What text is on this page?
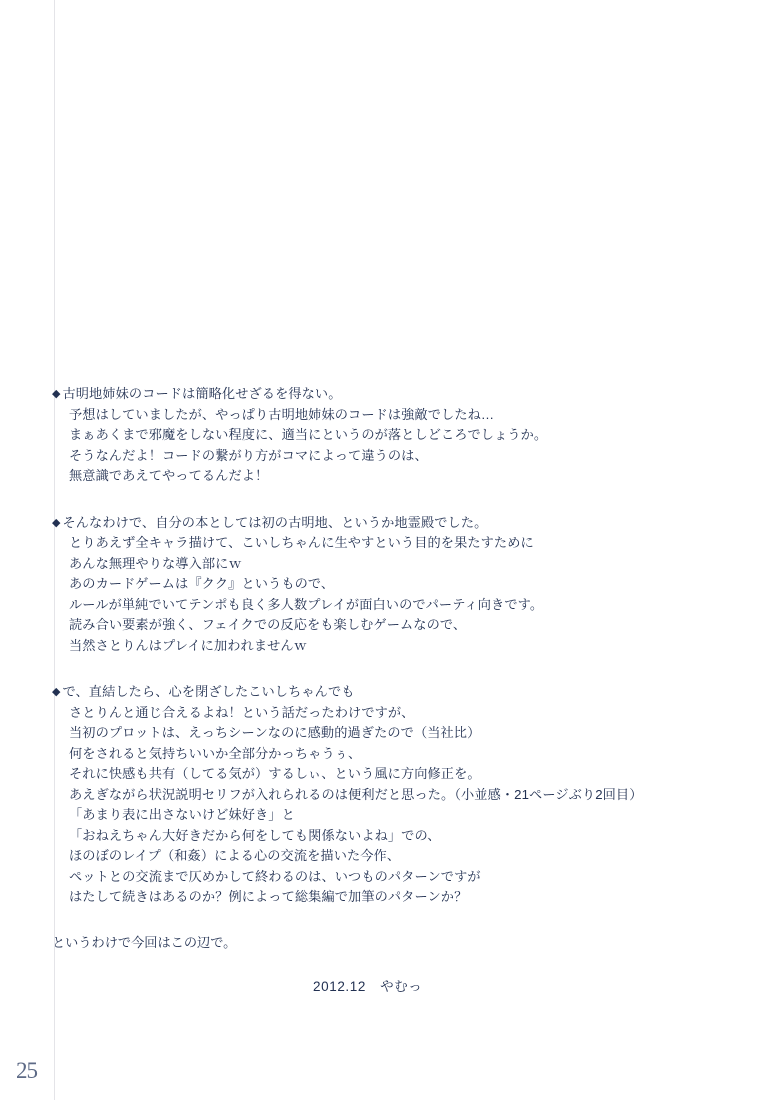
◆ 古明地姉妹のコードは簡略化せざるを得ない。
予想はしていましたが、やっぱり古明地姉妹のコードは強敵でしたね…
まぁあくまで邪魔をしない程度に、適当にというのが落としどころでしょうか。
そうなんだよ！コードの繋がり方がコマによって違うのは、
無意識であえてやってるんだよ！
◆ そんなわけで、自分の本としては初の古明地、というか地霊殿でした。
とりあえず全キャラ描けて、こいしちゃんに生やすという目的を果たすために
あんな無理やりな導入部にｗ
あのカードゲームは『クク』というもので、
ルールが単純でいてテンポも良く多人数プレイが面白いのでパーティ向きです。
読み合い要素が強く、フェイクでの反応をも楽しむゲームなので、
当然さとりんはプレイに加われませんｗ
◆ で、直結したら、心を閉ざしたこいしちゃんでも
さとりんと通じ合えるよね！という話だったわけですが、
当初のプロットは、えっちシーンなのに感動的過ぎたので（当社比）
何をされると気持ちいいか全部分かっちゃうぅ、
それに快感も共有（してる気が）するしぃ、という風に方向修正を。
あえぎながら状況説明セリフが入れられるのは便利だと思った。（小並感・21ページぶり2回目）
「あまり表に出さないけど妹好き」と
「おねえちゃん大好きだから何をしても関係ないよね」での、
ほのぼのレイプ（和姦）による心の交流を描いた今作、
ペットとの交流まで仄めかして終わるのは、いつものパターンですが
はたして続きはあるのか？例によって総集編で加筆のパターンか？
というわけで今回はこの辺で。
2012.12　やむっ
25
